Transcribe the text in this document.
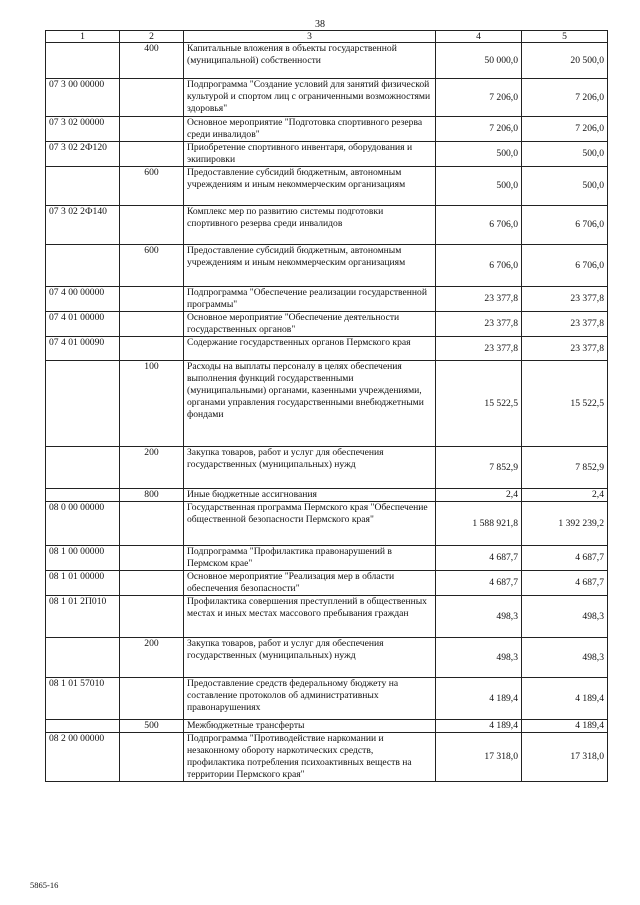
38
1	2	3	4	5
	400	Капитальные вложения в объекты государственной (муниципальной) собственности	50 000,0	20 500,0
07 3 00 00000		Подпрограмма "Создание условий для занятий физической культурой и спортом лиц с ограниченными возможностями здоровья"	7 206,0	7 206,0
07 3 02 00000		Основное мероприятие "Подготовка спортивного резерва среди инвалидов"	7 206,0	7 206,0
07 3 02 2Ф120		Приобретение спортивного инвентаря, оборудования и экипировки	500,0	500,0
	600	Предоставление субсидий бюджетным, автономным учреждениям и иным некоммерческим организациям	500,0	500,0
07 3 02 2Ф140		Комплекс мер по развитию системы подготовки спортивного резерва среди инвалидов	6 706,0	6 706,0
	600	Предоставление субсидий бюджетным, автономным учреждениям и иным некоммерческим организациям	6 706,0	6 706,0
07 4 00 00000		Подпрограмма "Обеспечение реализации государственной программы"	23 377,8	23 377,8
07 4 01 00000		Основное мероприятие "Обеспечение деятельности государственных органов"	23 377,8	23 377,8
07 4 01 00090		Содержание государственных органов Пермского края	23 377,8	23 377,8
	100	Расходы на выплаты персоналу в целях обеспечения выполнения функций государственными (муниципальными) органами, казенными учреждениями, органами управления государственными внебюджетными фондами	15 522,5	15 522,5
	200	Закупка товаров, работ и услуг для обеспечения государственных (муниципальных) нужд	7 852,9	7 852,9
	800	Иные бюджетные ассигнования	2,4	2,4
08 0 00 00000		Государственная программа Пермского края "Обеспечение общественной безопасности Пермского края"	1 588 921,8	1 392 239,2
08 1 00 00000		Подпрограмма "Профилактика правонарушений в Пермском крае"	4 687,7	4 687,7
08 1 01 00000		Основное мероприятие "Реализация мер в области обеспечения безопасности"	4 687,7	4 687,7
08 1 01 2П010		Профилактика совершения преступлений в общественных местах и иных местах массового пребывания граждан	498,3	498,3
	200	Закупка товаров, работ и услуг для обеспечения государственных (муниципальных) нужд	498,3	498,3
08 1 01 57010		Предоставление средств федеральному бюджету на составление протоколов об административных правонарушениях	4 189,4	4 189,4
	500	Межбюджетные трансферты	4 189,4	4 189,4
08 2 00 00000		Подпрограмма "Противодействие наркомании и незаконному обороту наркотических средств, профилактика потребления психоактивных веществ на территории Пермского края"	17 318,0	17 318,0
5865-16
